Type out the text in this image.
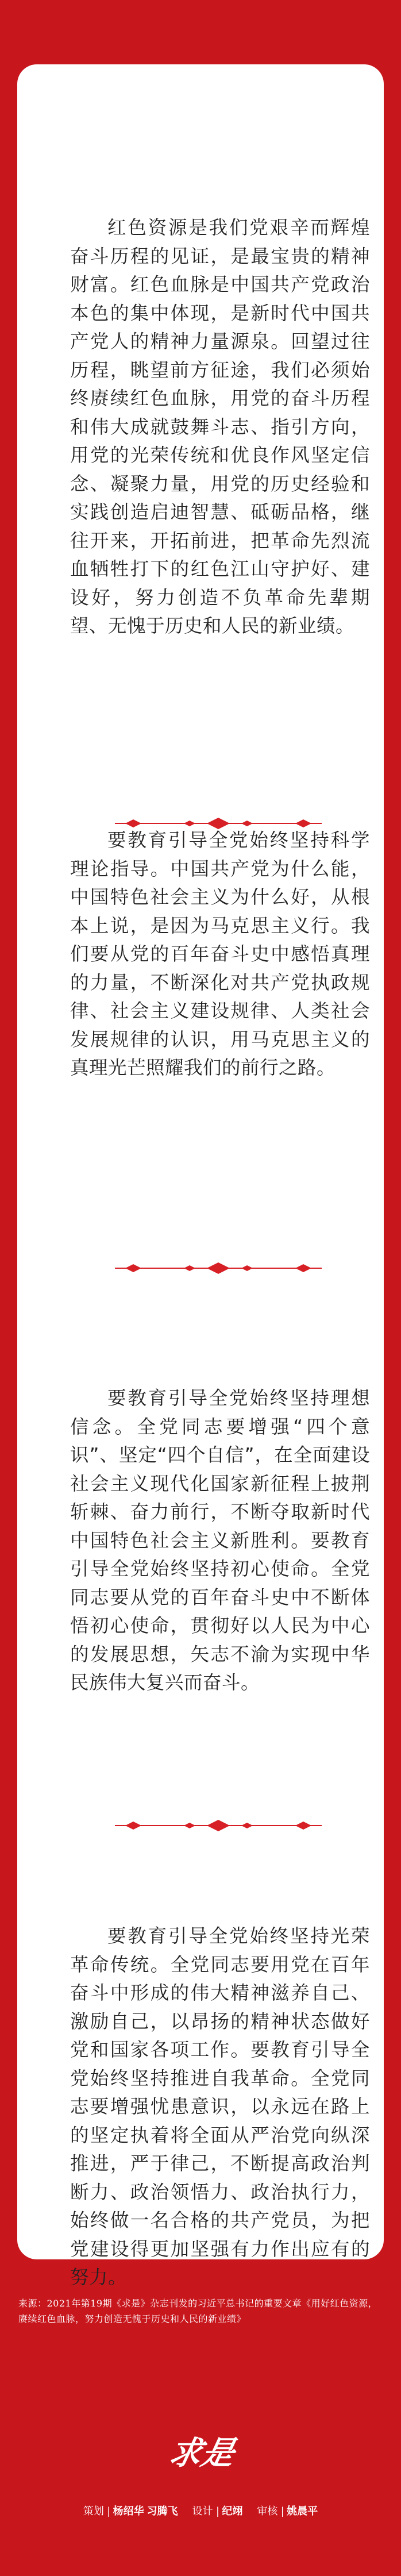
红色资源是我们党艰辛而辉煌奋斗历程的见证，是最宝贵的精神财富。红色血脉是中国共产党政治本色的集中体现，是新时代中国共产党人的精神力量源泉。回望过往历程，眺望前方征途，我们必须始终赓续红色血脉，用党的奋斗历程和伟大成就鼓舞斗志、指引方向，用党的光荣传统和优良作风坚定信念、凝聚力量，用党的历史经验和实践创造启迪智慧、砥砺品格，继往开来，开拓前进，把革命先烈流血牺牲打下的红色江山守护好、建设好，努力创造不负革命先辈期望、无愧于历史和人民的新业绩。

要教育引导全党始终坚持科学理论指导。中国共产党为什么能，中国特色社会主义为什么好，从根本上说，是因为马克思主义行。我们要从党的百年奋斗史中感悟真理的力量，不断深化对共产党执政规律、社会主义建设规律、人类社会发展规律的认识，用马克思主义的真理光芒照耀我们的前行之路。

要教育引导全党始终坚持理想信念。全党同志要增强“四个意识”、坚定“四个自信”，在全面建设社会主义现代化国家新征程上披荆斩棘、奋力前行，不断夺取新时代中国特色社会主义新胜利。要教育引导全党始终坚持初心使命。全党同志要从党的百年奋斗史中不断体悟初心使命，贯彻好以人民为中心的发展思想，矢志不渝为实现中华民族伟大复兴而奋斗。

要教育引导全党始终坚持光荣革命传统。全党同志要用党在百年奋斗中形成的伟大精神滋养自己、激励自己，以昂扬的精神状态做好党和国家各项工作。要教育引导全党始终坚持推进自我革命。全党同志要增强忧患意识，以永远在路上的坚定执着将全面从严治党向纵深推进，严于律己，不断提高政治判断力、政治领悟力、政治执行力，始终做一名合格的共产党员，为把党建设得更加坚强有力作出应有的努力。

来源：2021年第19期《求是》杂志刊发的习近平总书记的重要文章《用好红色资源，赓续红色血脉，努力创造无愧于历史和人民的新业绩》
求是
策划 | 杨绍华 习腾飞 设计 | 纪翊 审核 | 姚晨平
